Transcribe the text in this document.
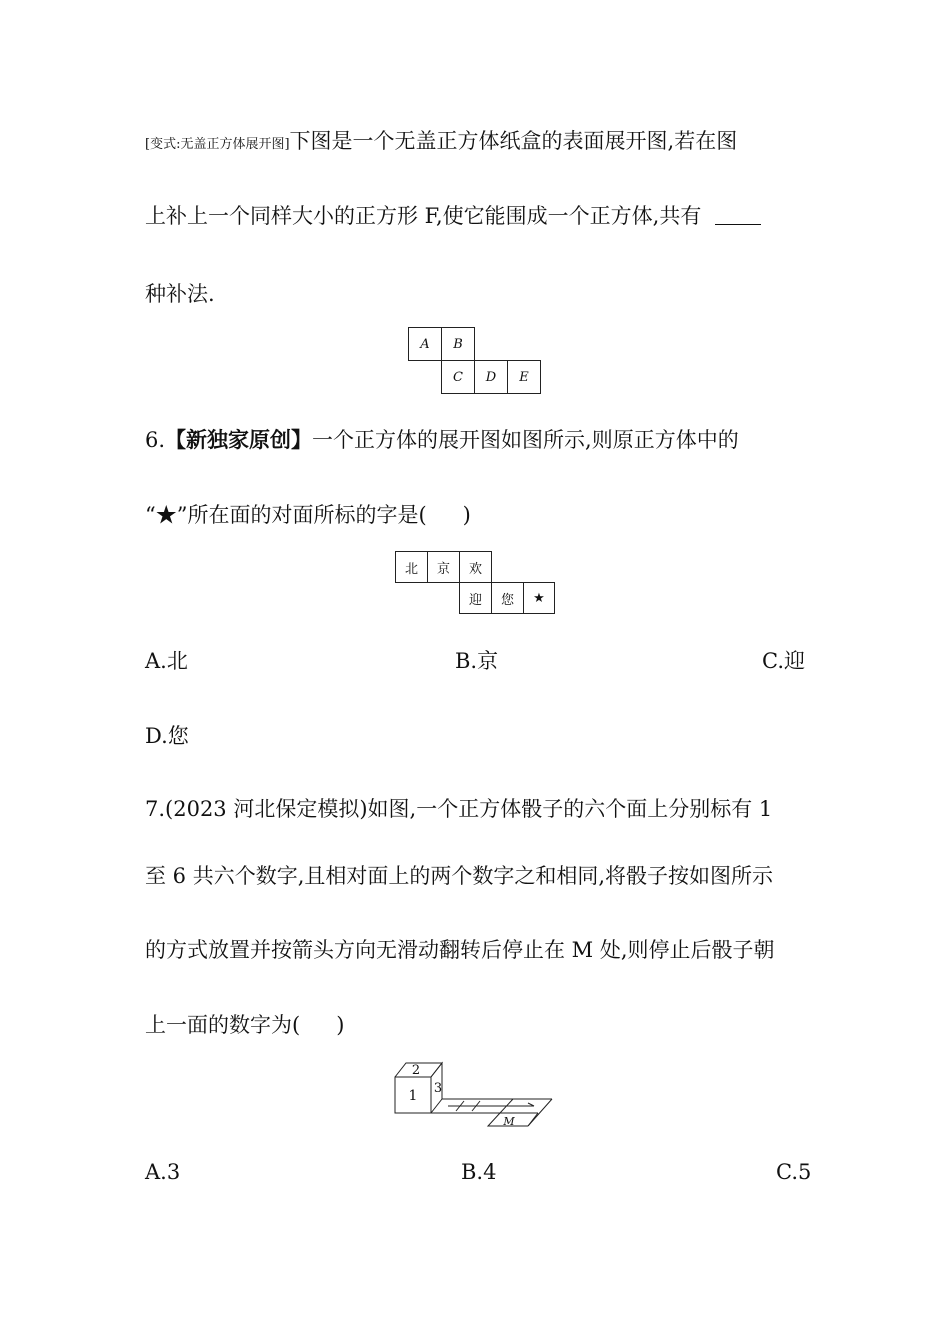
[变式:无盖正方体展开图]下图是一个无盖正方体纸盒的表面展开图,若在图
上补上一个同样大小的正方形 F,使它能围成一个正方体,共有
种补法.
A	B
C	D	E
6.【新独家原创】一个正方体的展开图如图所示,则原正方体中的
“★”所在面的对面所标的字是( )
北	京	欢
迎	您	★
A.北	B.京	C.迎
D.您
7.(2023 河北保定模拟)如图,一个正方体骰子的六个面上分别标有 1
至 6 共六个数字,且相对面上的两个数字之和相同,将骰子按如图所示
的方式放置并按箭头方向无滑动翻转后停止在 M 处,则停止后骰子朝
上一面的数字为( )
2
1 3
M
A.3	B.4	C.5
